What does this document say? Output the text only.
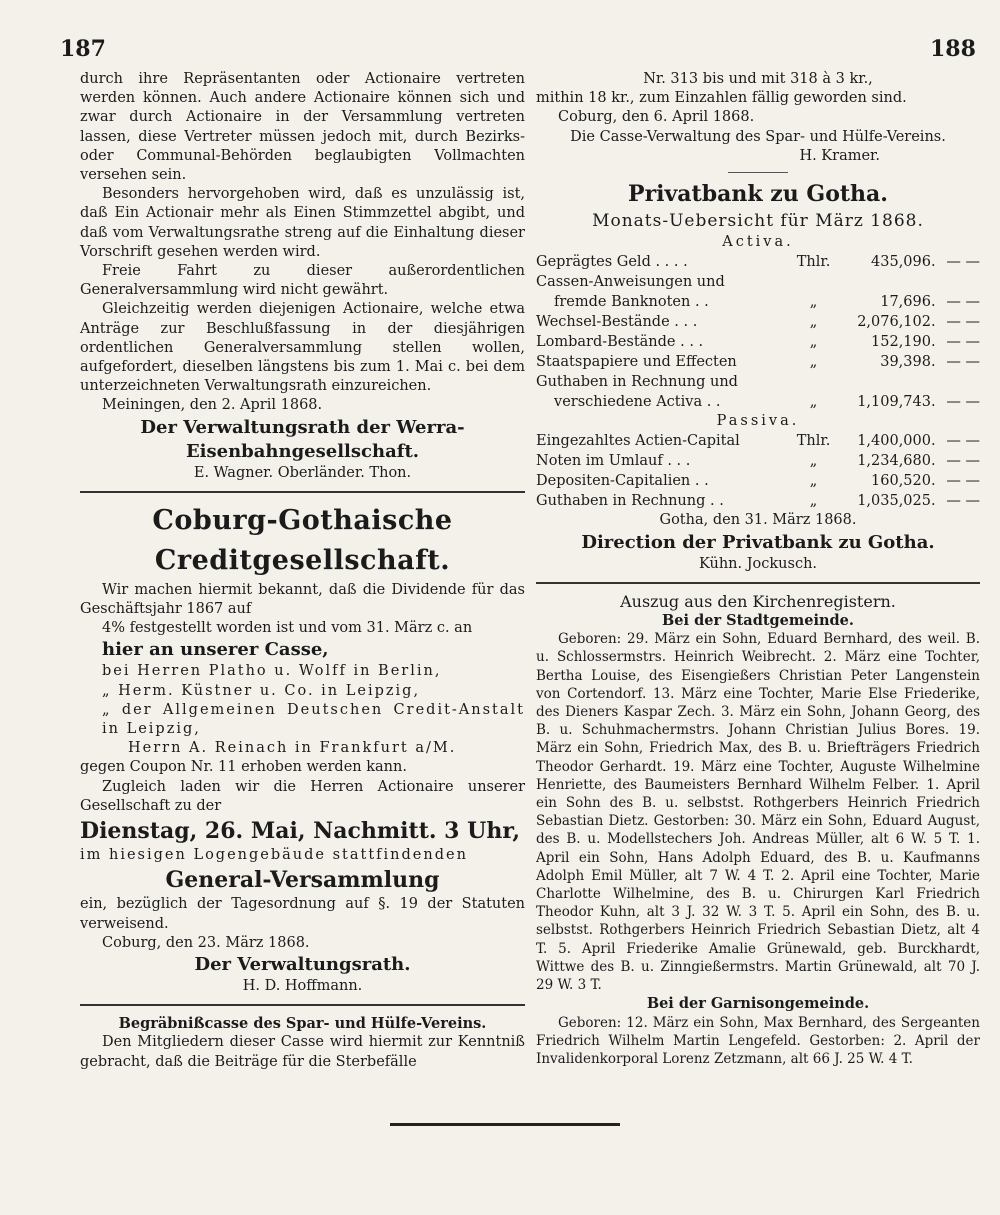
187	188

durch ihre Repräsentanten oder Actionaire vertreten werden können. Auch andere Actionaire können sich und zwar durch Actionaire in der Versammlung vertreten lassen, diese Vertreter müssen jedoch mit, durch Bezirks- oder Communal-Behörden beglaubigten Vollmachten versehen sein.

Besonders hervorgehoben wird, daß es unzulässig ist, daß Ein Actionair mehr als Einen Stimmzettel abgibt, und daß vom Verwaltungsrathe streng auf die Einhaltung dieser Vorschrift gesehen werden wird.

Freie Fahrt zu dieser außerordentlichen Generalversammlung wird nicht gewährt.

Gleichzeitig werden diejenigen Actionaire, welche etwa Anträge zur Beschlußfassung in der diesjährigen ordentlichen Generalversammlung stellen wollen, aufgefordert, dieselben längstens bis zum 1. Mai c. bei dem unterzeichneten Verwaltungsrath einzureichen.

Meiningen, den 2. April 1868.

Der Verwaltungsrath der Werra-

Eisenbahngesellschaft.

E. Wagner. Oberländer. Thon.

Coburg-Gothaische Creditgesellschaft.

Wir machen hiermit bekannt, daß die Dividende für das Geschäftsjahr 1867 auf

4% festgestellt worden ist und vom 31. März c. an

hier an unserer Casse,

bei Herren Platho u. Wolff in Berlin,

„ Herm. Küstner u. Co. in Leipzig,

„ der Allgemeinen Deutschen Credit-Anstalt in Leipzig,

Herrn A. Reinach in Frankfurt a/M.

gegen Coupon Nr. 11 erhoben werden kann.

Zugleich laden wir die Herren Actionaire unserer Gesellschaft zu der

Dienstag, 26. Mai, Nachmitt. 3 Uhr,

im hiesigen Logengebäude stattfindenden

General-Versammlung

ein, bezüglich der Tagesordnung auf §. 19 der Statuten verweisend.

Coburg, den 23. März 1868.

Der Verwaltungsrath.

H. D. Hoffmann.

Begräbnißcasse des Spar- und Hülfe-Vereins.

Den Mitgliedern dieser Casse wird hiermit zur Kenntniß gebracht, daß die Beiträge für die Sterbefälle

Nr. 313 bis und mit 318 à 3 kr.,

mithin 18 kr., zum Einzahlen fällig geworden sind.

Coburg, den 6. April 1868.

Die Casse-Verwaltung des Spar- und Hülfe-Vereins.

H. Kramer.

Privatbank zu Gotha.

Monats-Uebersicht für März 1868.

Activa.

Geprägtes Geld . . . .	Thlr.	435,096.	— —
Cassen-Anweisungen und			
fremde Banknoten . .	„	17,696.	— —
Wechsel-Bestände . . .	„	2,076,102.	— —
Lombard-Bestände . . .	„	152,190.	— —
Staatspapiere und Effecten	„	39,398.	— —
Guthaben in Rechnung und			
verschiedene Activa . .	„	1,109,743.	— —

Passiva.

Eingezahltes Actien-Capital	Thlr.	1,400,000.	— —
Noten im Umlauf . . .	„	1,234,680.	— —
Depositen-Capitalien . .	„	160,520.	— —
Guthaben in Rechnung . .	„	1,035,025.	— —

Gotha, den 31. März 1868.

Direction der Privatbank zu Gotha.

Kühn. Jockusch.

Auszug aus den Kirchenregistern.

Bei der Stadtgemeinde.

Geboren: 29. März ein Sohn, Eduard Bernhard, des weil. B. u. Schlossermstrs. Heinrich Weibrecht. 2. März eine Tochter, Bertha Louise, des Eisengießers Christian Peter Langenstein von Cortendorf. 13. März eine Tochter, Marie Else Friederike, des Dieners Kaspar Zech. 3. März ein Sohn, Johann Georg, des B. u. Schuhmachermstrs. Johann Christian Julius Bores. 19. März ein Sohn, Friedrich Max, des B. u. Briefträgers Friedrich Theodor Gerhardt. 19. März eine Tochter, Auguste Wilhelmine Henriette, des Baumeisters Bernhard Wilhelm Felber. 1. April ein Sohn des B. u. selbstst. Rothgerbers Heinrich Friedrich Sebastian Dietz. Gestorben: 30. März ein Sohn, Eduard August, des B. u. Modellstechers Joh. Andreas Müller, alt 6 W. 5 T. 1. April ein Sohn, Hans Adolph Eduard, des B. u. Kaufmanns Adolph Emil Müller, alt 7 W. 4 T. 2. April eine Tochter, Marie Charlotte Wilhelmine, des B. u. Chirurgen Karl Friedrich Theodor Kuhn, alt 3 J. 32 W. 3 T. 5. April ein Sohn, des B. u. selbstst. Rothgerbers Heinrich Friedrich Sebastian Dietz, alt 4 T. 5. April Friederike Amalie Grünewald, geb. Burckhardt, Wittwe des B. u. Zinngießermstrs. Martin Grünewald, alt 70 J. 29 W. 3 T.

Bei der Garnisongemeinde.

Geboren: 12. März ein Sohn, Max Bernhard, des Sergeanten Friedrich Wilhelm Martin Lengefeld. Gestorben: 2. April der Invalidenkorporal Lorenz Zetzmann, alt 66 J. 25 W. 4 T.
